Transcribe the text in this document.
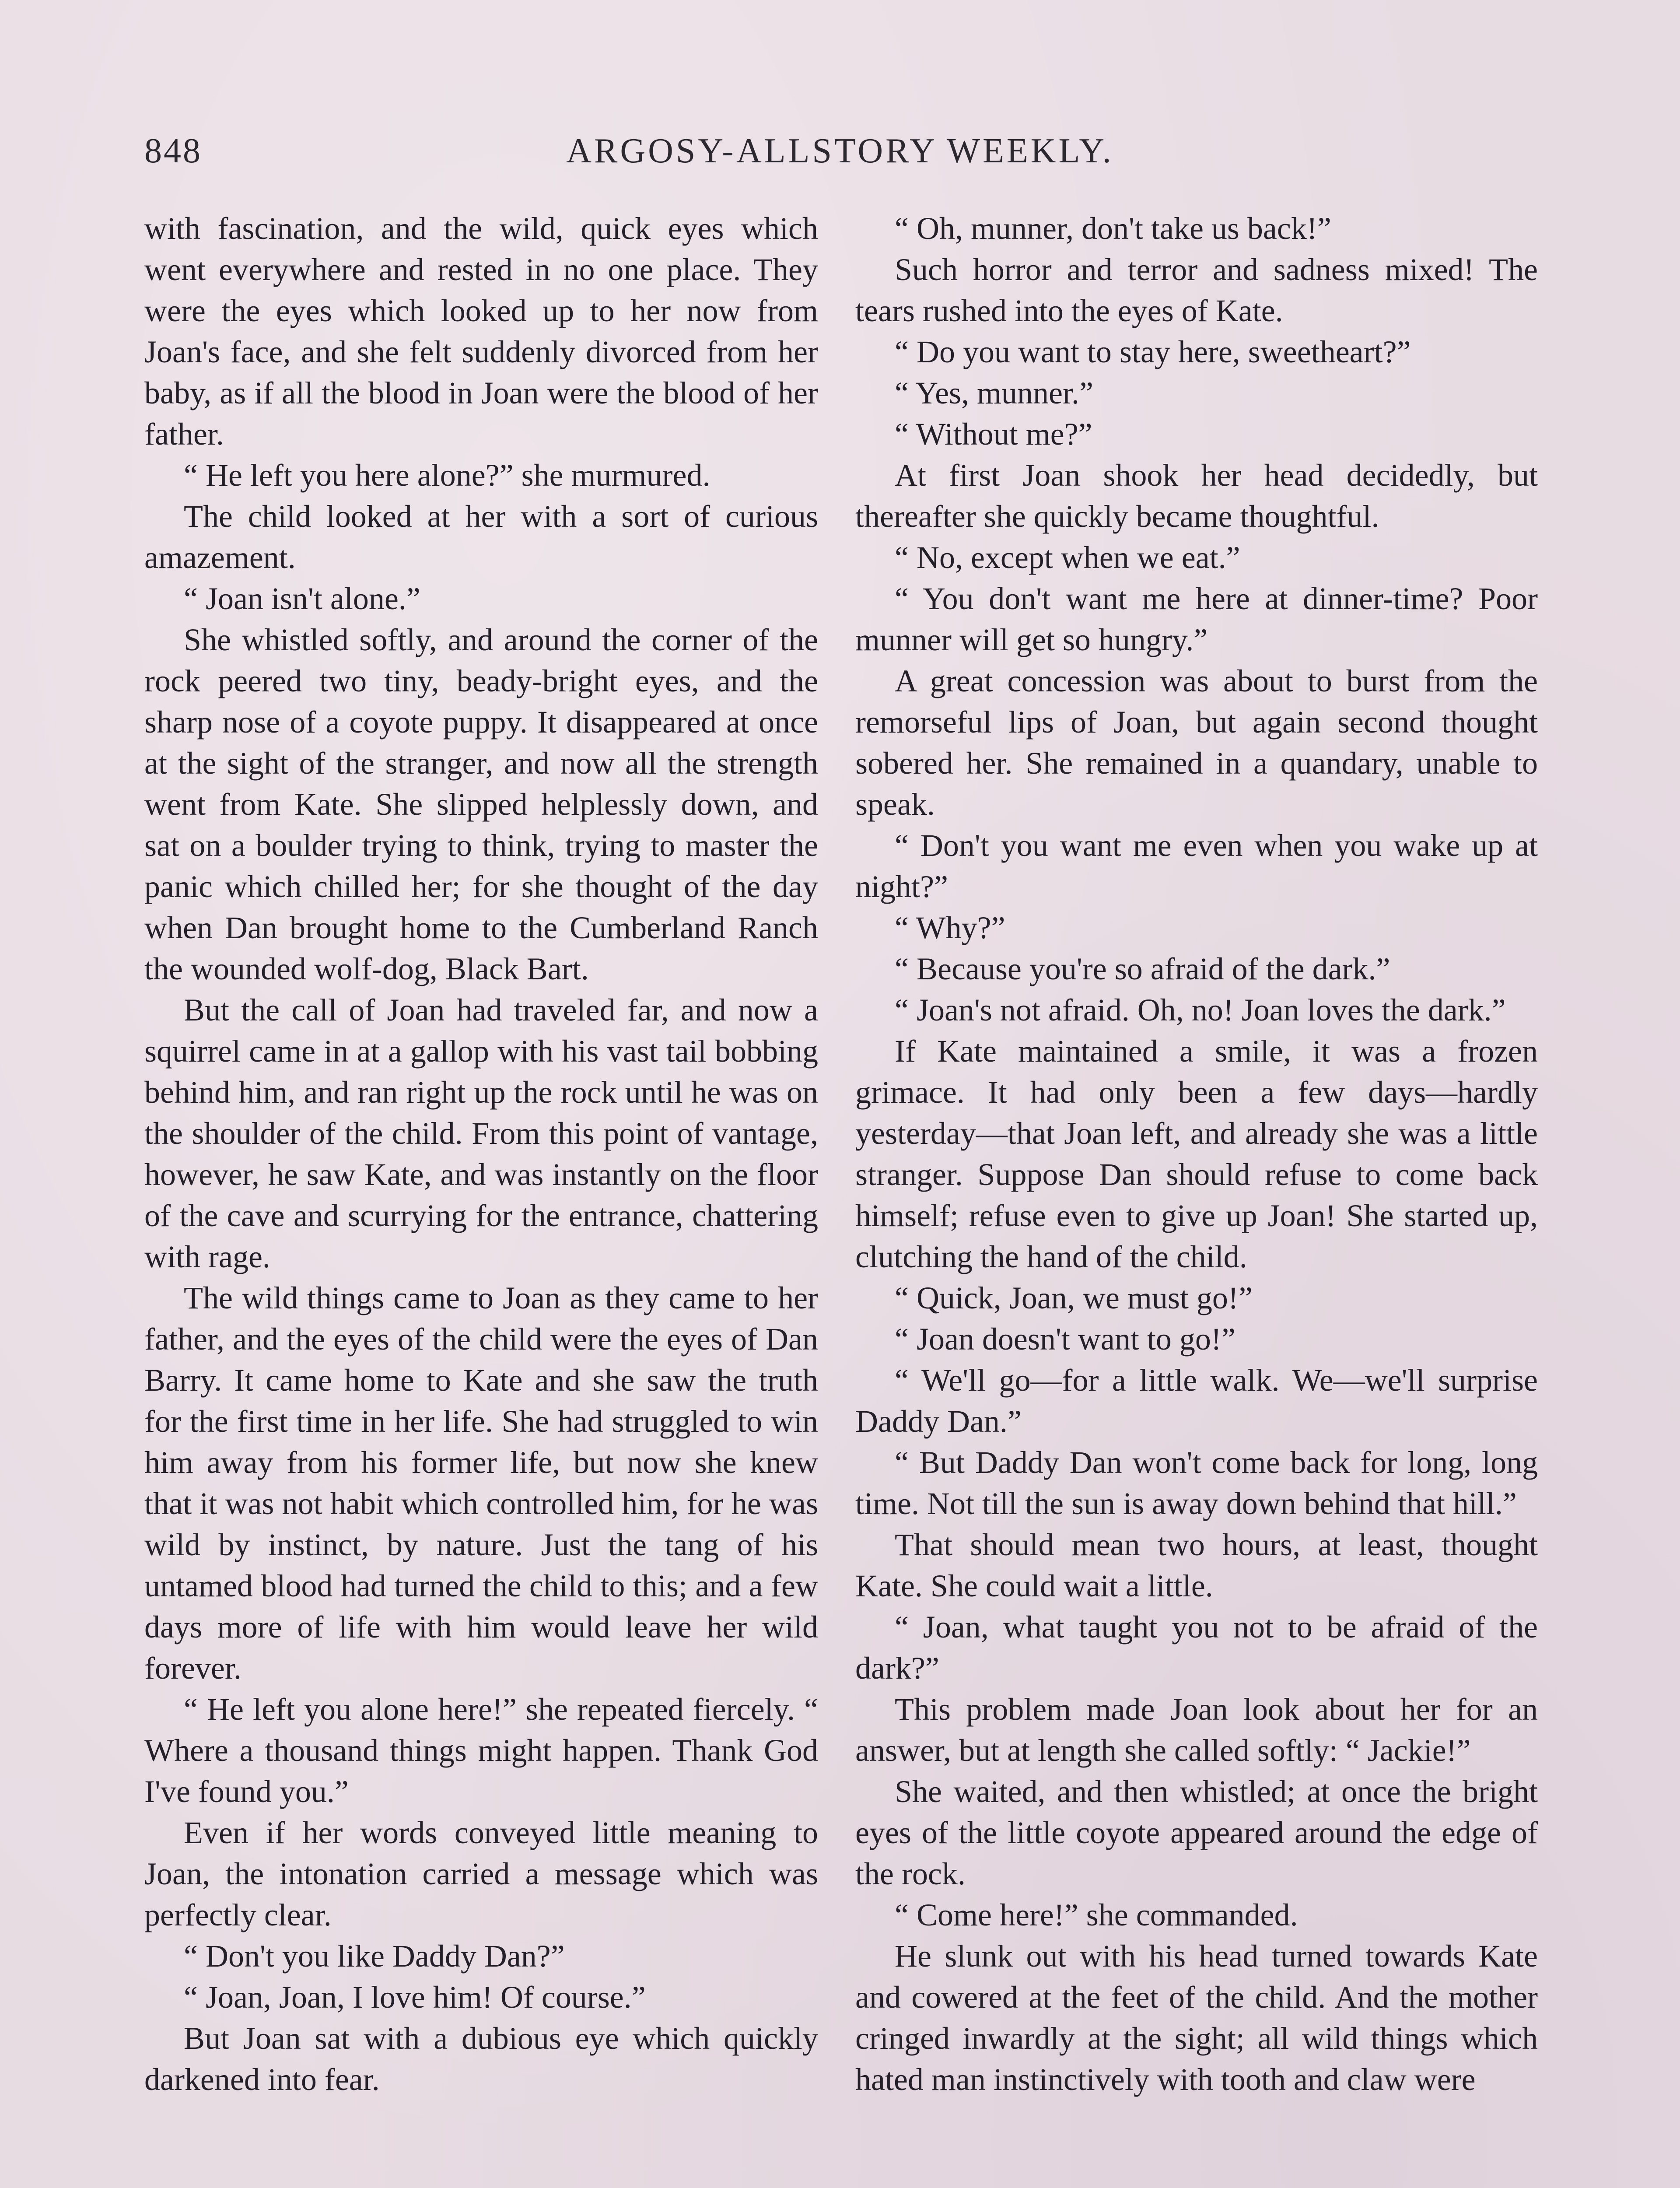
848	ARGOSY-ALLSTORY WEEKLY.

with fascination, and the wild, quick eyes which went everywhere and rested in no one place. They were the eyes which looked up to her now from Joan's face, and she felt suddenly divorced from her baby, as if all the blood in Joan were the blood of her father.

“ He left you here alone?” she murmured.

The child looked at her with a sort of curious amazement.

“ Joan isn't alone.”

She whistled softly, and around the corner of the rock peered two tiny, beady-bright eyes, and the sharp nose of a coyote puppy. It disappeared at once at the sight of the stranger, and now all the strength went from Kate. She slipped helplessly down, and sat on a boulder trying to think, trying to master the panic which chilled her; for she thought of the day when Dan brought home to the Cumberland Ranch the wounded wolf-dog, Black Bart.

But the call of Joan had traveled far, and now a squirrel came in at a gallop with his vast tail bobbing behind him, and ran right up the rock until he was on the shoulder of the child. From this point of vantage, however, he saw Kate, and was instantly on the floor of the cave and scurrying for the entrance, chattering with rage.

The wild things came to Joan as they came to her father, and the eyes of the child were the eyes of Dan Barry. It came home to Kate and she saw the truth for the first time in her life. She had struggled to win him away from his former life, but now she knew that it was not habit which controlled him, for he was wild by instinct, by nature. Just the tang of his untamed blood had turned the child to this; and a few days more of life with him would leave her wild forever.

“ He left you alone here!” she repeated fiercely. “ Where a thousand things might happen. Thank God I've found you.”

Even if her words conveyed little meaning to Joan, the intonation carried a message which was perfectly clear.

“ Don't you like Daddy Dan?”

“ Joan, Joan, I love him! Of course.”

But Joan sat with a dubious eye which quickly darkened into fear.

“ Oh, munner, don't take us back!”

Such horror and terror and sadness mixed! The tears rushed into the eyes of Kate.

“ Do you want to stay here, sweetheart?”

“ Yes, munner.”

“ Without me?”

At first Joan shook her head decidedly, but thereafter she quickly became thoughtful.

“ No, except when we eat.”

“ You don't want me here at dinner-time? Poor munner will get so hungry.”

A great concession was about to burst from the remorseful lips of Joan, but again second thought sobered her. She remained in a quandary, unable to speak.

“ Don't you want me even when you wake up at night?”

“ Why?”

“ Because you're so afraid of the dark.”

“ Joan's not afraid. Oh, no! Joan loves the dark.”

If Kate maintained a smile, it was a frozen grimace. It had only been a few days—hardly yesterday—that Joan left, and already she was a little stranger. Suppose Dan should refuse to come back himself; refuse even to give up Joan! She started up, clutching the hand of the child.

“ Quick, Joan, we must go!”

“ Joan doesn't want to go!”

“ We'll go—for a little walk. We—we'll surprise Daddy Dan.”

“ But Daddy Dan won't come back for long, long time. Not till the sun is away down behind that hill.”

That should mean two hours, at least, thought Kate. She could wait a little.

“ Joan, what taught you not to be afraid of the dark?”

This problem made Joan look about her for an answer, but at length she called softly: “ Jackie!”

She waited, and then whistled; at once the bright eyes of the little coyote appeared around the edge of the rock.

“ Come here!” she commanded.

He slunk out with his head turned towards Kate and cowered at the feet of the child. And the mother cringed inwardly at the sight; all wild things which hated man instinctively with tooth and claw were
